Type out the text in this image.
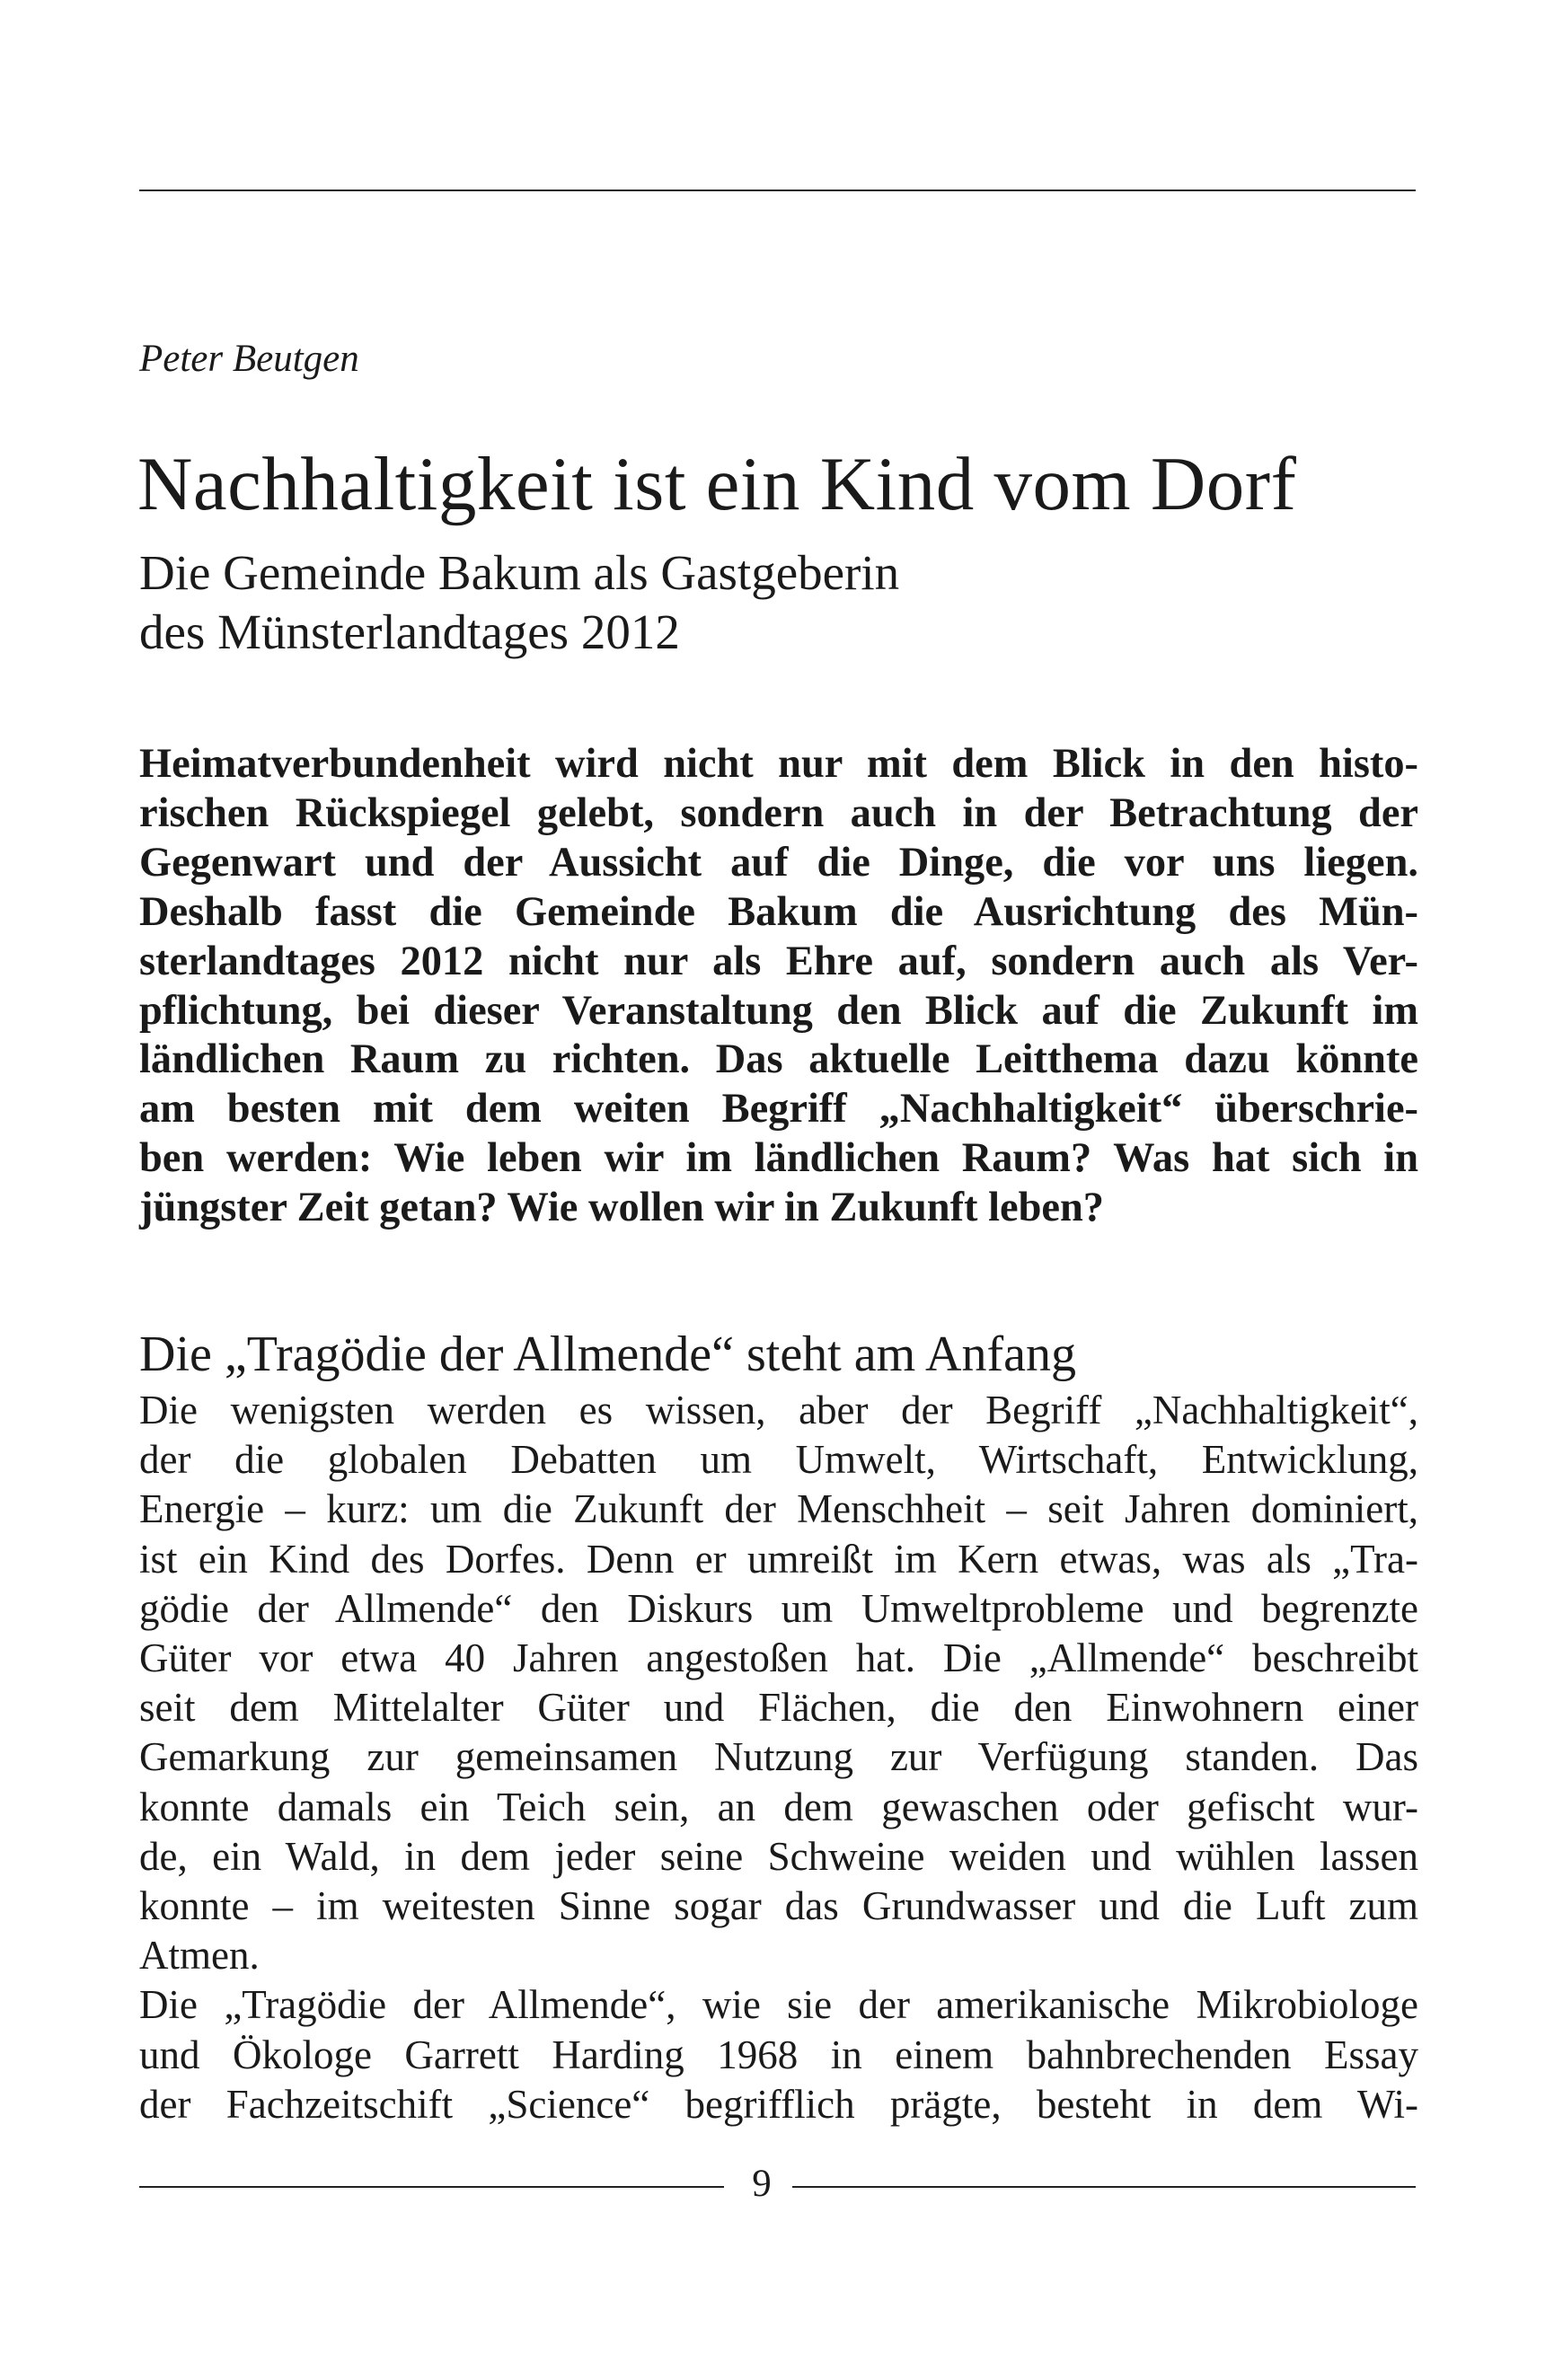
Peter Beutgen

Nachhaltigkeit ist ein Kind vom Dorf
Die Gemeinde Bakum als Gastgeberin
des Münsterlandtages 2012
Heimatverbundenheit wird nicht nur mit dem Blick in den histo-
rischen Rückspiegel gelebt, sondern auch in der Betrachtung der
Gegenwart und der Aussicht auf die Dinge, die vor uns liegen.
Deshalb fasst die Gemeinde Bakum die Ausrichtung des Mün-
sterlandtages 2012 nicht nur als Ehre auf, sondern auch als Ver-
pflichtung, bei dieser Veranstaltung den Blick auf die Zukunft im
ländlichen Raum zu richten. Das aktuelle Leitthema dazu könnte
am besten mit dem weiten Begriff „Nachhaltigkeit“ überschrie-
ben werden: Wie leben wir im ländlichen Raum? Was hat sich in
jüngster Zeit getan? Wie wollen wir in Zukunft leben?
Die „Tragödie der Allmende“ steht am Anfang
Die wenigsten werden es wissen, aber der Begriff „Nachhaltigkeit“,
der die globalen Debatten um Umwelt, Wirtschaft, Entwicklung,
Energie – kurz: um die Zukunft der Menschheit – seit Jahren dominiert,
ist ein Kind des Dorfes. Denn er umreißt im Kern etwas, was als „Tra-
gödie der Allmende“ den Diskurs um Umweltprobleme und begrenzte
Güter vor etwa 40 Jahren angestoßen hat. Die „Allmende“ beschreibt
seit dem Mittelalter Güter und Flächen, die den Einwohnern einer
Gemarkung zur gemeinsamen Nutzung zur Verfügung standen. Das
konnte damals ein Teich sein, an dem gewaschen oder gefischt wur-
de, ein Wald, in dem jeder seine Schweine weiden und wühlen lassen
konnte – im weitesten Sinne sogar das Grundwasser und die Luft zum
Atmen.
Die „Tragödie der Allmende“, wie sie der amerikanische Mikrobiologe
und Ökologe Garrett Harding 1968 in einem bahnbrechenden Essay
der Fachzeitschift „Science“ begrifflich prägte, besteht in dem Wi-
9
